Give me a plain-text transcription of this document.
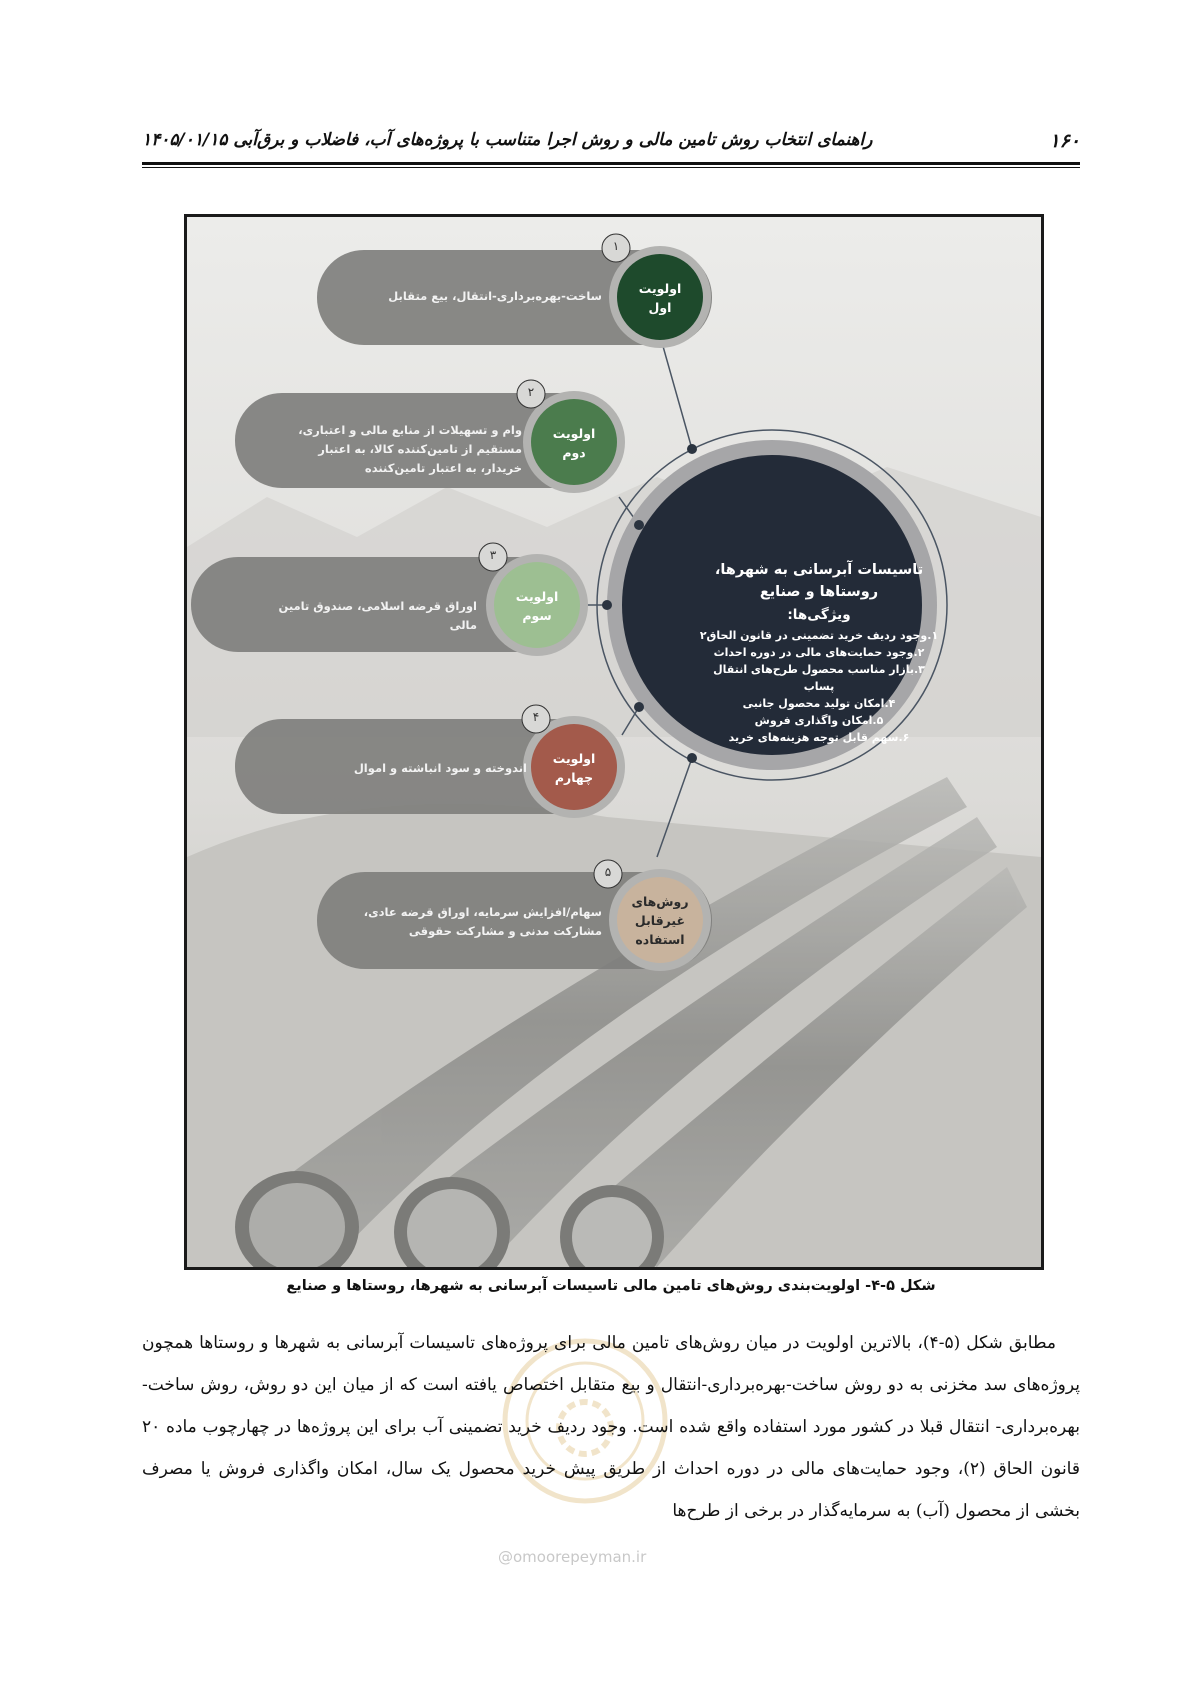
۱۶۰
راهنمای انتخاب روش تامین مالی و روش اجرا متناسب با پروژه‌های آب، فاضلاب و برق‌آبی ۱۴۰۵/۰۱/۱۵
۱
۲
۳
۴
۵
اولویت
اول
اولویت
دوم
اولویت
سوم
اولویت
چهارم
روش‌های
غیرقابل
استفاده
ساخت-بهره‌برداری-انتقال، بیع متقابل
وام و تسهیلات از منابع مالی و اعتباری، مستقیم از تامین‌کننده کالا، به اعتبار خریدار، به اعتبار تامین‌کننده
اوراق قرضه اسلامی، صندوق تامین مالی
اندوخته و سود انباشته و اموال
سهام/افزایش سرمایه، اوراق قرضه عادی، مشارکت مدنی و مشارکت حقوقی
تاسیسات آبرسانی به شهرها، روستاها و صنایع
ویژگی‌ها:
۱.وجود ردیف خرید تضمینی در قانون الحاق۲
۲.وجود حمایت‌های مالی در دوره احداث
۳.بازار مناسب محصول طرح‌های انتقال پساب
۴.امکان تولید محصول جانبی
۵.امکان واگذاری فروش
۶.سهم قابل توجه هزینه‌های خرید
شکل ۵-۴- اولویت‌بندی روش‌های تامین مالی تاسیسات آبرسانی به شهرها، روستاها و صنایع

مطابق شکل (۵-۴)، بالاترین اولویت در میان روش‌های تامین مالی برای پروژه‌های تاسیسات آبرسانی به شهرها و روستاها همچون پروژه‌های سد مخزنی به دو روش ساخت-بهره‌برداری-انتقال و بیع متقابل اختصاص یافته است که از میان این دو روش، روش ساخت- بهره‌برداری- انتقال قبلا در کشور مورد استفاده واقع شده است. وجود ردیف خرید تضمینی آب برای این پروژه‌ها در چهارچوب ماده ۲۰ قانون الحاق (۲)، وجود حمایت‌های مالی در دوره احداث از طریق پیش خرید محصول یک سال، امکان واگذاری فروش یا مصرف بخشی از محصول (آب) به سرمایه‌گذار در برخی از طرح‌ها

@omoorepeyman.ir
